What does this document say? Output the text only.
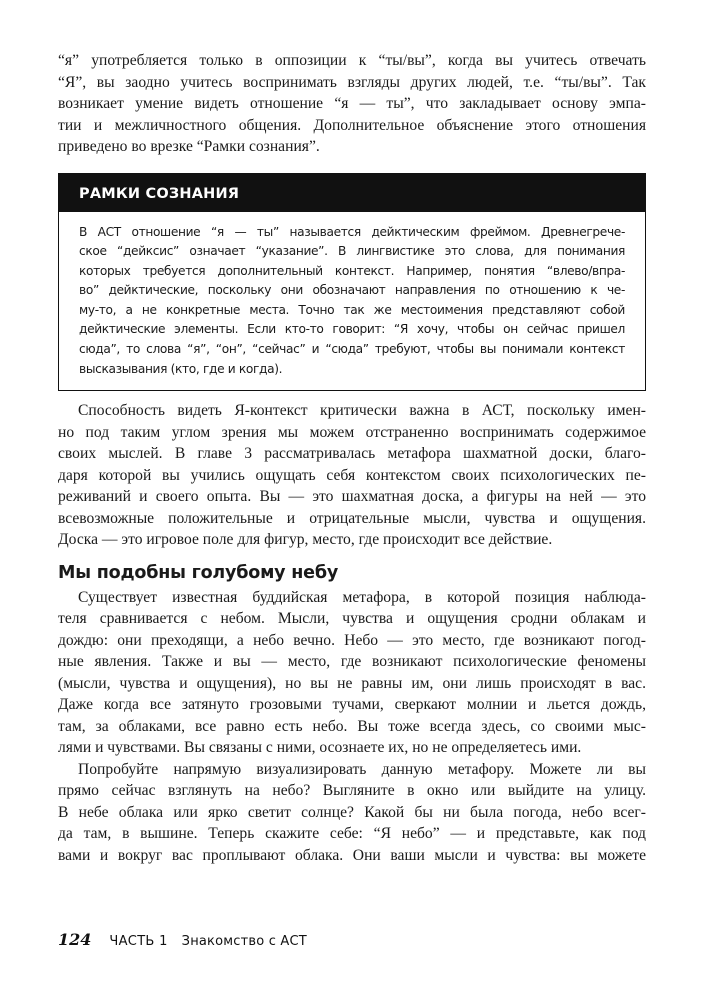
“я” употребляется только в оппозиции к “ты/вы”, когда вы учитесь отвечать
“Я”, вы заодно учитесь воспринимать взгляды других людей, т.е. “ты/вы”. Так
возникает умение видеть отношение “я — ты”, что закладывает основу эмпа-
тии и межличностного общения. Дополнительное объяснение этого отношения
приведено во врезке “Рамки сознания”.

РАМКИ СОЗНАНИЯ
В АСТ отношение “я — ты” называется дейктическим фреймом. Древнегрече-
ское “дейксис” означает “указание”. В лингвистике это слова, для понимания
которых требуется дополнительный контекст. Например, понятия “влево/впра-
во” дейктические, поскольку они обозначают направления по отношению к че-
му-то, а не конкретные места. Точно так же местоимения представляют собой
дейктические элементы. Если кто-то говорит: “Я хочу, чтобы он сейчас пришел
сюда”, то слова “я”, “он”, “сейчас” и “сюда” требуют, чтобы вы понимали контекст
высказывания (кто, где и когда).

Способность видеть Я-контекст критически важна в АСТ, поскольку имен-
но под таким углом зрения мы можем отстраненно воспринимать содержимое
своих мыслей. В главе 3 рассматривалась метафора шахматной доски, благо-
даря которой вы учились ощущать себя контекстом своих психологических пе-
реживаний и своего опыта. Вы — это шахматная доска, а фигуры на ней — это
всевозможные положительные и отрицательные мысли, чувства и ощущения.
Доска — это игровое поле для фигур, место, где происходит все действие.

Мы подобны голубому небу

Существует известная буддийская метафора, в которой позиция наблюда-
теля сравнивается с небом. Мысли, чувства и ощущения сродни облакам и
дождю: они преходящи, а небо вечно. Небо — это место, где возникают погод-
ные явления. Также и вы — место, где возникают психологические феномены
(мысли, чувства и ощущения), но вы не равны им, они лишь происходят в вас.
Даже когда все затянуто грозовыми тучами, сверкают молнии и льется дождь,
там, за облаками, все равно есть небо. Вы тоже всегда здесь, со своими мыс-
лями и чувствами. Вы связаны с ними, осознаете их, но не определяетесь ими.

Попробуйте напрямую визуализировать данную метафору. Можете ли вы
прямо сейчас взглянуть на небо? Выгляните в окно или выйдите на улицу.
В небе облака или ярко светит солнце? Какой бы ни была погода, небо всег-
да там, в вышине. Теперь скажите себе: “Я небо” — и представьте, как под
вами и вокруг вас проплывают облака. Они ваши мысли и чувства: вы можете

124 ЧАСТЬ 1 Знакомство с АСТ
